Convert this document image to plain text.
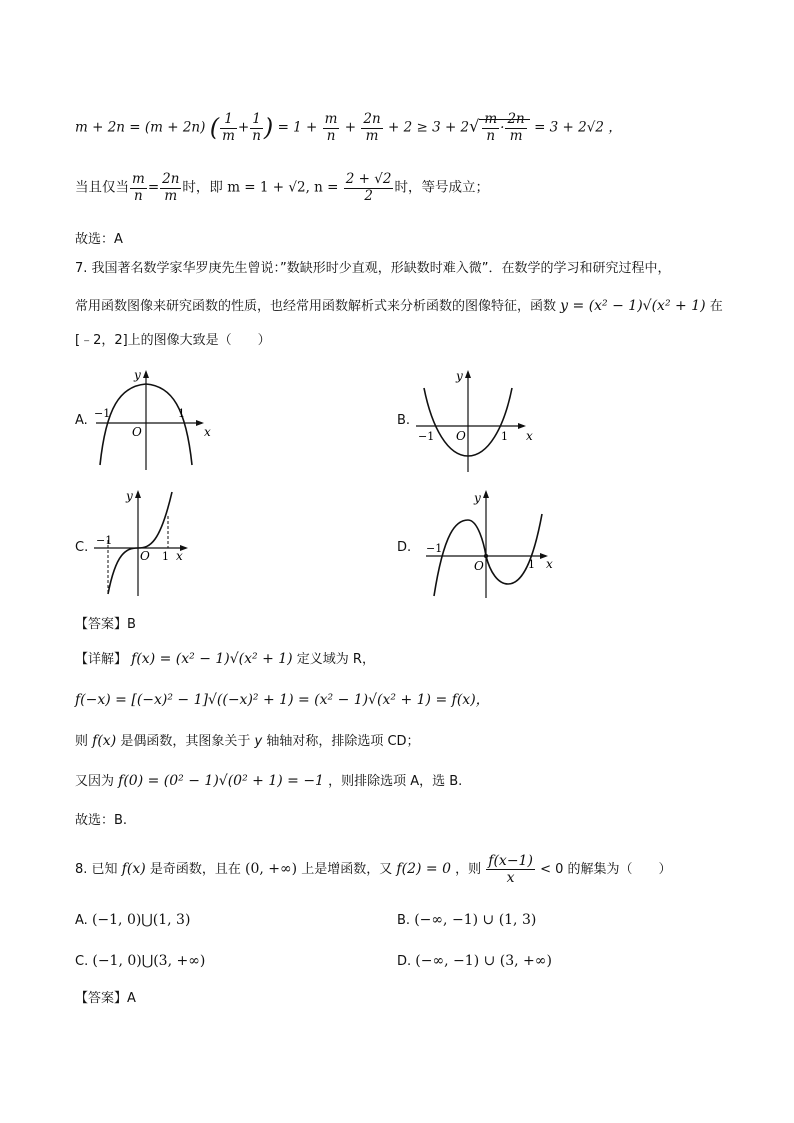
m + 2n = (m + 2n) ( $\frac{1}{m} + \frac{1}{n}$ ) = $1 + \frac{m}{n} + \frac{2n}{m} + 2 \ge 3 + 2√ \frac{m}{n} \cdot \frac{2n}{m} = 3 + 2√2$ ，
当且仅当 $\frac{m}{n} = \frac{2n}{m}$ 时，即 m = 1 + √2, $n = \frac{2 + √2}{2}$ 时，等号成立；
故选：A
7. 我国著名数学家华罗庚先生曾说：”数缺形时少直观，形缺数时难入微”．在数学的学习和研究过程中，
常用函数图像来研究函数的性质，也经常用函数解析式来分析函数的图像特征，函数 y = (x² − 1)√(x² + 1) 在
[﹣2，2]上的图像大致是（　　）
A.
y
x
O
−1	1	B.
y
x
O
−1	1
C.
y
x
O
−1
1
D.
y
x
O
−1
1
【答案】B
【详解】 f(x) = (x² − 1)√(x² + 1) 定义域为 R，
f(−x) = [(−x)² − 1]√((−x)² + 1) = (x² − 1)√(x² + 1) = f(x)，
则 f(x) 是偶函数，其图象关于 y 轴轴对称，排除选项 CD；
又因为 f(0) = (0² − 1)√(0² + 1) = −1 ，则排除选项 A，选 B.
故选：B.
8. 已知 f(x) 是奇函数，且在 (0, +∞) 上是增函数，又 f(2) = 0 ，则 $\frac{f(x-1)}{x} < 0$ 的解集为（　　）
A. (−1, 0)⋃(1, 3)	B. (−∞, −1) ∪ (1, 3)
C. (−1, 0)⋃(3, +∞)	D. (−∞, −1) ∪ (3, +∞)
【答案】A
